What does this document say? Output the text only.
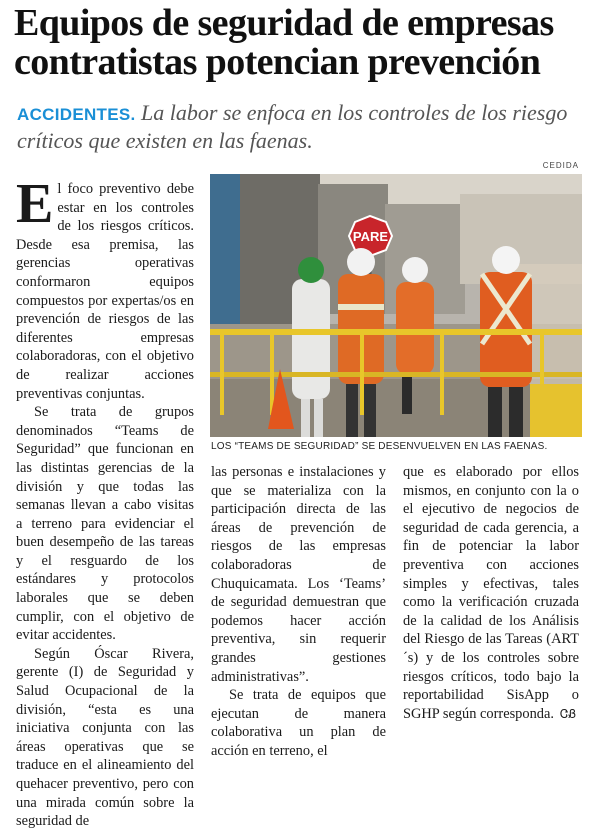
Equipos de seguridad de empresas
contratistas potencian prevención
ACCIDENTES. La labor se enfoca en los controles de los riesgo críticos que existen en las faenas.
CEDIDA
PARE
LOS “TEAMS DE SEGURIDAD” SE DESENVUELVEN EN LAS FAENAS.

El foco preventivo debe estar en los controles de los riesgos críticos. Desde esa premisa, las gerencias operativas conformaron equipos compuestos por expertas/os en prevención de riesgos de las diferentes empresas colaboradoras, con el objetivo de realizar acciones preventivas conjuntas.

Se trata de grupos denominados “Teams de Seguridad” que funcionan en las distintas gerencias de la división y que todas las semanas llevan a cabo visitas a terreno para evidenciar el buen desempeño de las tareas y el resguardo de los estándares y protocolos laborales que se deben cumplir, con el objetivo de evitar accidentes.

Según Óscar Rivera, gerente (I) de Seguridad y Salud Ocupacional de la división, “esta es una iniciativa conjunta con las áreas operativas que se traduce en el alineamiento del quehacer preventivo, pero con una mirada común sobre la seguridad de

las personas e instalaciones y que se materializa con la participación directa de las áreas de prevención de riesgos de las empresas colaboradoras de Chuquicamata. Los ‘Teams’ de seguridad demuestran que podemos hacer acción preventiva, sin requerir grandes gestiones administrativas”.

Se trata de equipos que ejecutan de manera colaborativa un plan de acción en terreno, el

que es elaborado por ellos mismos, en conjunto con la o el ejecutivo de negocios de seguridad de cada gerencia, a fin de potenciar la labor preventiva con acciones simples y efectivas, tales como la verificación cruzada de la calidad de los Análisis del Riesgo de las Tareas (ART´s) y de los controles sobre riesgos críticos, todo bajo la reportabilidad SisApp o SGHP según corresponda. ᏣᏰ
